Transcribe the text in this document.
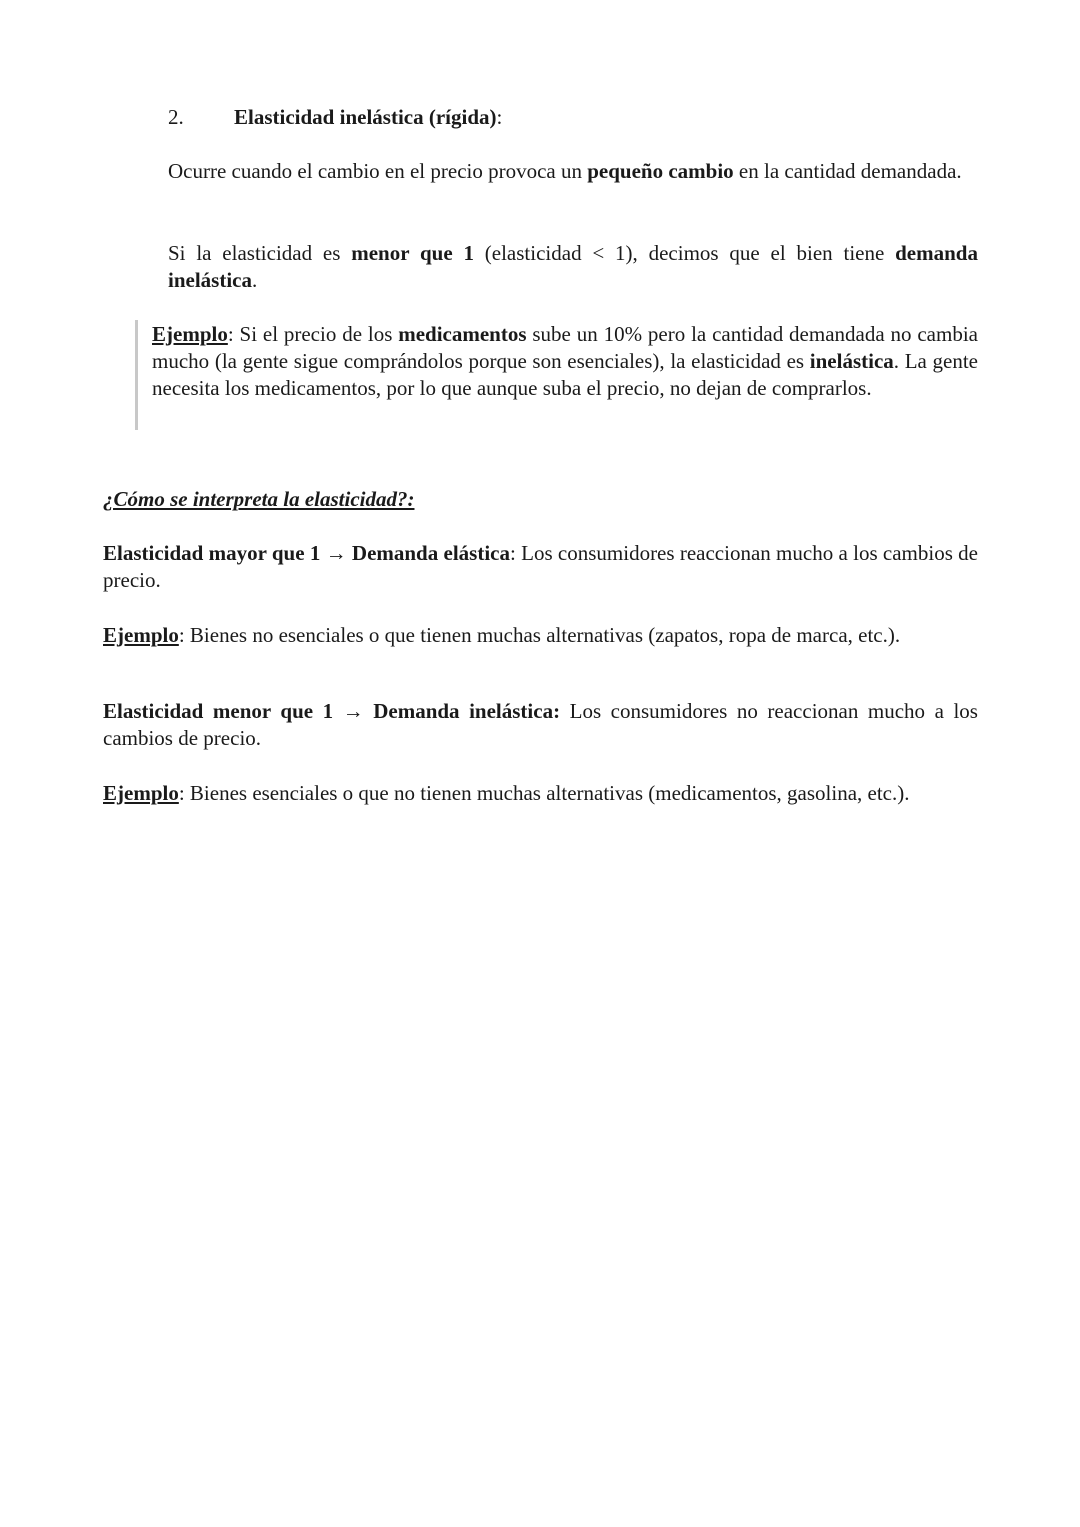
2. Elasticidad inelástica (rígida):

Ocurre cuando el cambio en el precio provoca un pequeño cambio en la cantidad demandada.

Si la elasticidad es menor que 1 (elasticidad < 1), decimos que el bien tiene demanda inelástica.

Ejemplo: Si el precio de los medicamentos sube un 10% pero la cantidad demandada no cambia mucho (la gente sigue comprándolos porque son esenciales), la elasticidad es inelástica. La gente necesita los medicamentos, por lo que aunque suba el precio, no dejan de comprarlos.

¿Cómo se interpreta la elasticidad?:

Elasticidad mayor que 1 → Demanda elástica: Los consumidores reaccionan mucho a los cambios de precio.

Ejemplo: Bienes no esenciales o que tienen muchas alternativas (zapatos, ropa de marca, etc.).

Elasticidad menor que 1 → Demanda inelástica: Los consumidores no reaccionan mucho a los cambios de precio.

Ejemplo: Bienes esenciales o que no tienen muchas alternativas (medicamentos, gasolina, etc.).
